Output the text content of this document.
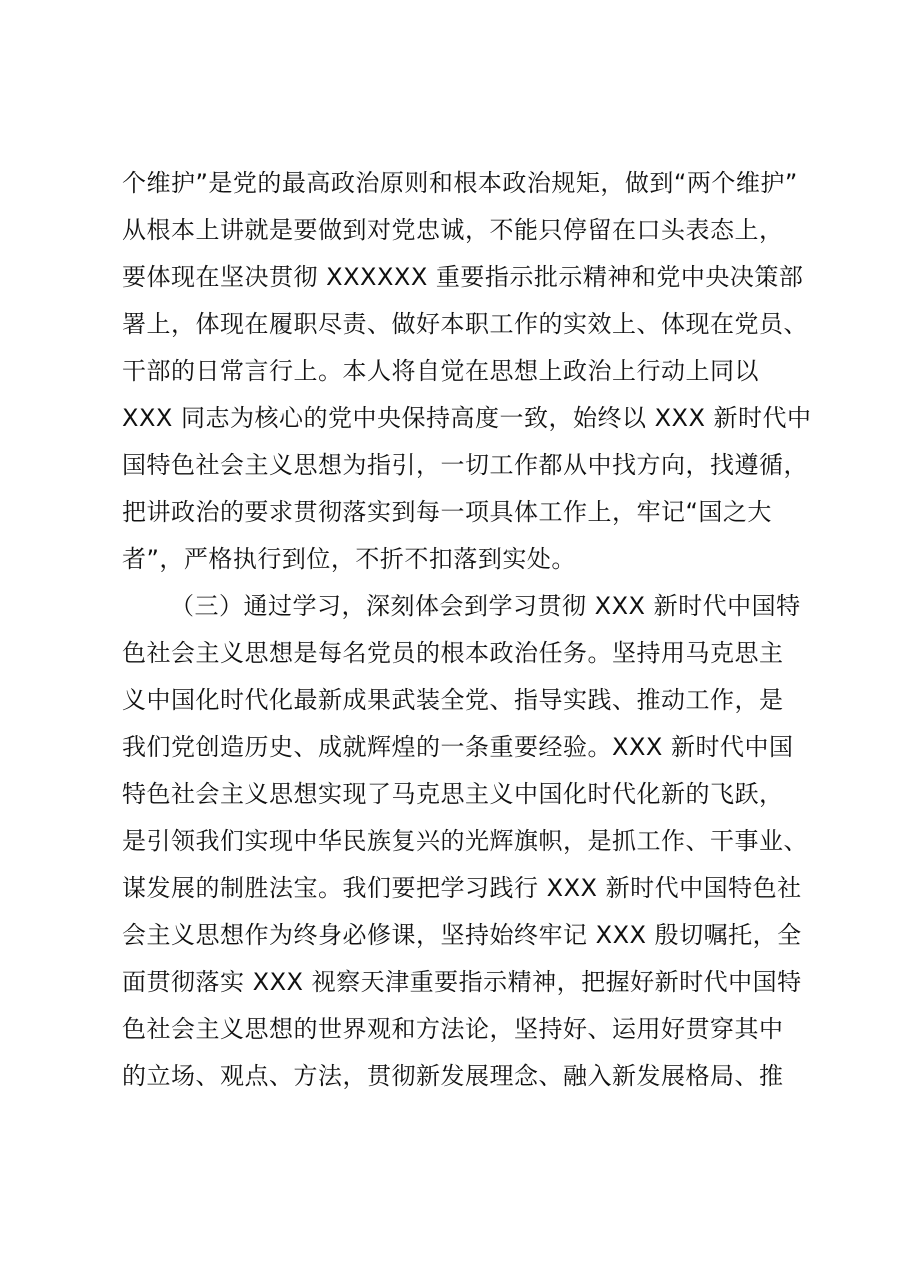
个维护”是党的最高政治原则和根本政治规矩，做到“两个维护”
从根本上讲就是要做到对党忠诚，不能只停留在口头表态上，
要体现在坚决贯彻 XXXXXX 重要指示批示精神和党中央决策部
署上，体现在履职尽责、做好本职工作的实效上、体现在党员、
干部的日常言行上。本人将自觉在思想上政治上行动上同以
XXX 同志为核心的党中央保持高度一致，始终以 XXX 新时代中
国特色社会主义思想为指引，一切工作都从中找方向，找遵循，
把讲政治的要求贯彻落实到每一项具体工作上，牢记“国之大
者”，严格执行到位，不折不扣落到实处。
（三）通过学习，深刻体会到学习贯彻 XXX 新时代中国特
色社会主义思想是每名党员的根本政治任务。坚持用马克思主
义中国化时代化最新成果武装全党、指导实践、推动工作，是
我们党创造历史、成就辉煌的一条重要经验。XXX 新时代中国
特色社会主义思想实现了马克思主义中国化时代化新的飞跃，
是引领我们实现中华民族复兴的光辉旗帜，是抓工作、干事业、
谋发展的制胜法宝。我们要把学习践行 XXX 新时代中国特色社
会主义思想作为终身必修课，坚持始终牢记 XXX 殷切嘱托，全
面贯彻落实 XXX 视察天津重要指示精神，把握好新时代中国特
色社会主义思想的世界观和方法论，坚持好、运用好贯穿其中
的立场、观点、方法，贯彻新发展理念、融入新发展格局、推
